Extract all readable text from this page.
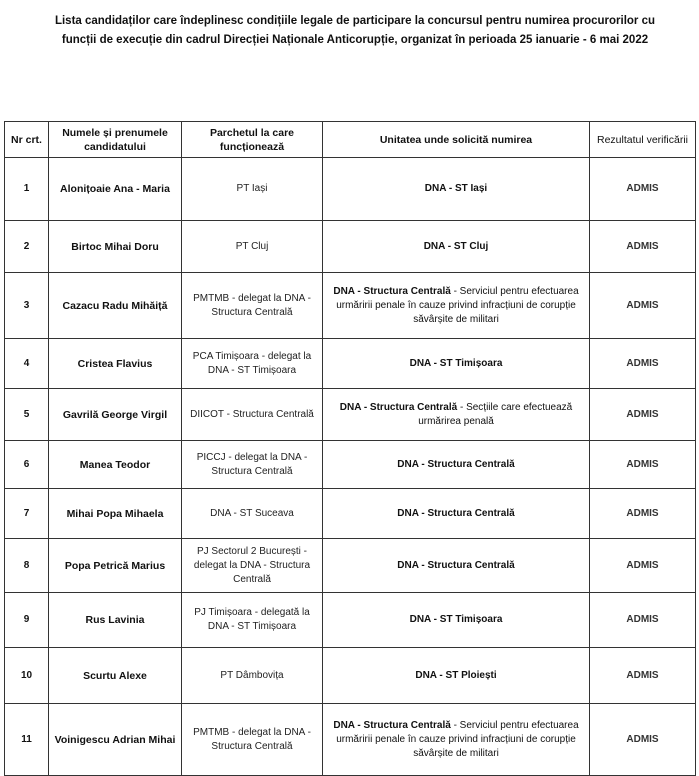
Lista candidaților care îndeplinesc condițiile legale de participare la concursul pentru numirea procurorilor cu funcții de execuție din cadrul Direcției Naționale Anticorupție, organizat în perioada 25 ianuarie - 6 mai 2022
Nr crt.	Numele și prenumele candidatului	Parchetul la care funcționează	Unitatea unde solicită numirea	Rezultatul verificării
1	Alonițoaie Ana - Maria	PT Iași	DNA - ST Iași	ADMIS
2	Birtoc Mihai Doru	PT Cluj	DNA - ST Cluj	ADMIS
3	Cazacu Radu Mihăiță	PMTMB - delegat la DNA - Structura Centrală	DNA - Structura Centrală - Serviciul pentru efectuarea urmăririi penale în cauze privind infracțiuni de corupție săvârșite de militari	ADMIS
4	Cristea Flavius	PCA Timișoara - delegat la DNA - ST Timișoara	DNA - ST Timișoara	ADMIS
5	Gavrilă George Virgil	DIICOT - Structura Centrală	DNA - Structura Centrală - Secțiile care efectuează urmărirea penală	ADMIS
6	Manea Teodor	PICCJ - delegat la DNA - Structura Centrală	DNA - Structura Centrală	ADMIS
7	Mihai Popa Mihaela	DNA - ST Suceava	DNA - Structura Centrală	ADMIS
8	Popa Petrică Marius	PJ Sectorul 2 București - delegat la DNA - Structura Centrală	DNA - Structura Centrală	ADMIS
9	Rus Lavinia	PJ Timișoara - delegată la DNA - ST Timișoara	DNA - ST Timișoara	ADMIS
10	Scurtu Alexe	PT Dâmbovița	DNA - ST Ploiești	ADMIS
11	Voinigescu Adrian Mihai	PMTMB - delegat la DNA - Structura Centrală	DNA - Structura Centrală - Serviciul pentru efectuarea urmăririi penale în cauze privind infracțiuni de corupție săvârșite de militari	ADMIS
